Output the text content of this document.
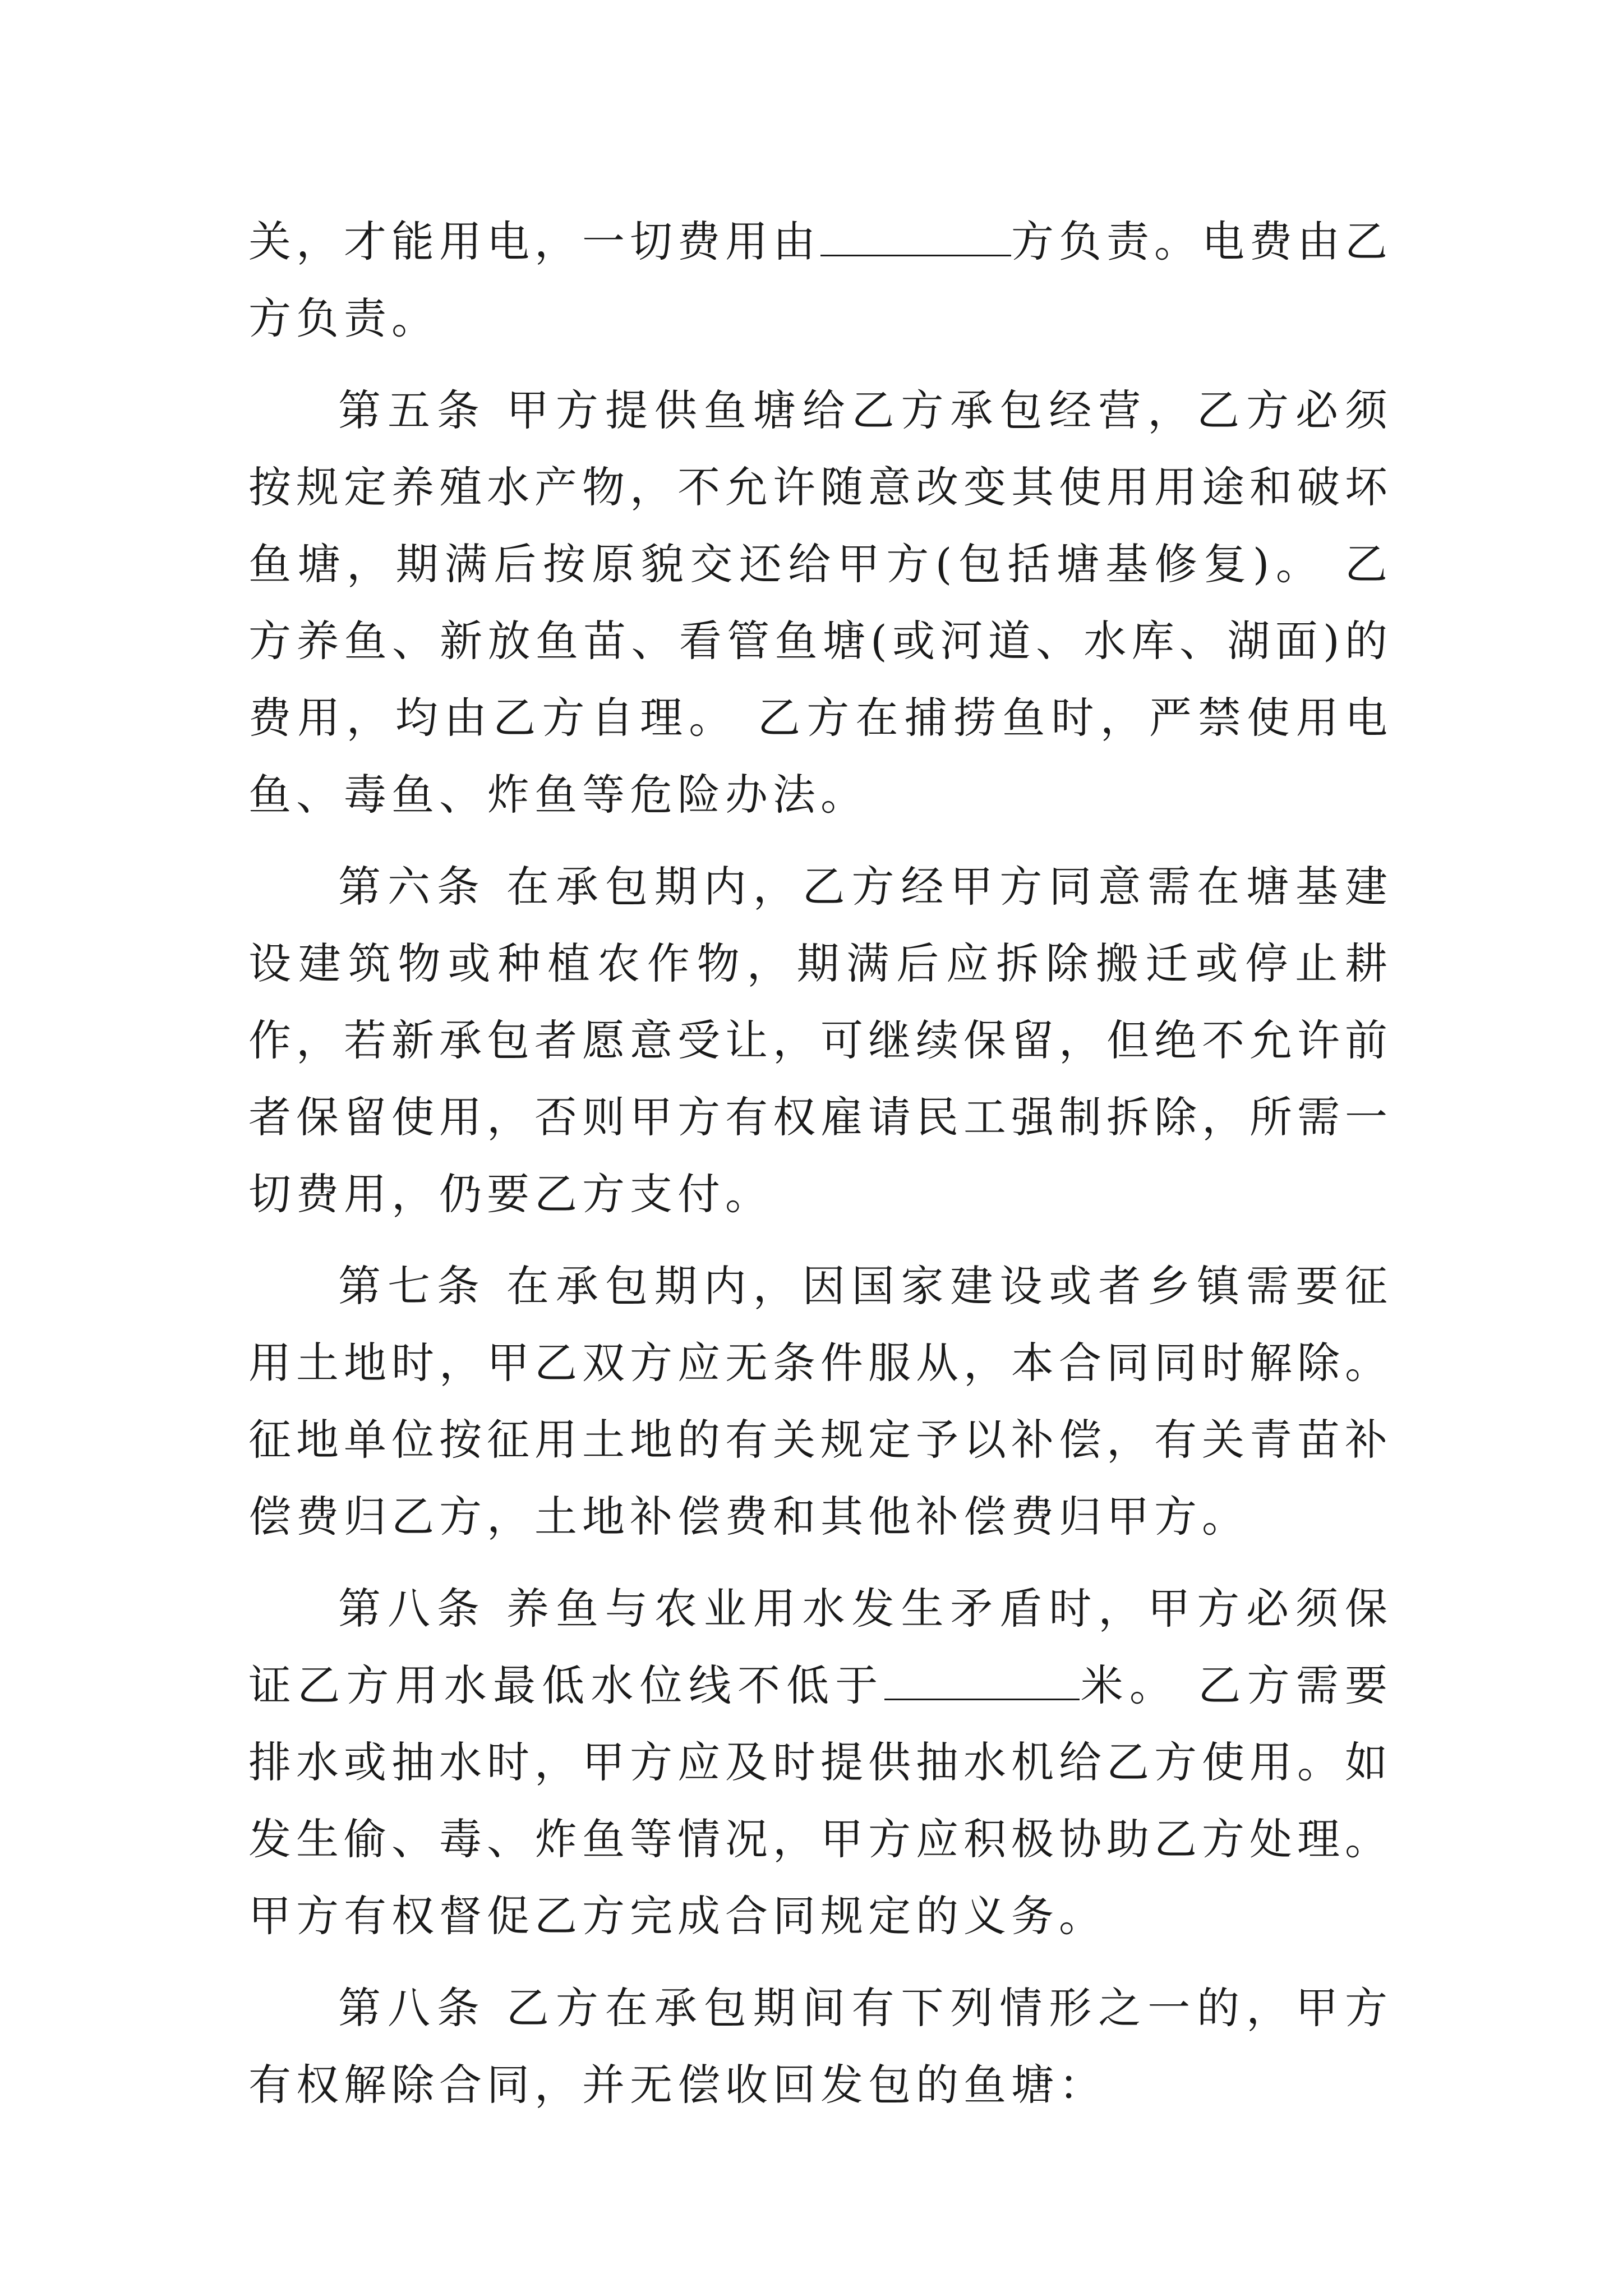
关，才能用电，一切费用由	方负责。电费由乙方负责。

第五条 甲方提供鱼塘给乙方承包经营，乙方必须按规定养殖水产物，不允许随意改变其使用用途和破坏鱼塘，期满后按原貌交还给甲方(包括塘基修复)。 乙方养鱼、新放鱼苗、看管鱼塘(或河道、水库、湖面)的费用，均由乙方自理。 乙方在捕捞鱼时，严禁使用电鱼、毒鱼、炸鱼等危险办法。

第六条 在承包期内，乙方经甲方同意需在塘基建设建筑物或种植农作物，期满后应拆除搬迁或停止耕作，若新承包者愿意受让，可继续保留，但绝不允许前者保留使用，否则甲方有权雇请民工强制拆除，所需一切费用，仍要乙方支付。

第七条 在承包期内，因国家建设或者乡镇需要征用土地时，甲乙双方应无条件服从，本合同同时解除。征地单位按征用土地的有关规定予以补偿，有关青苗补偿费归乙方，土地补偿费和其他补偿费归甲方。

第八条 养鱼与农业用水发生矛盾时，甲方必须保证乙方用水最低水位线不低于	米。 乙方需要排水或抽水时，甲方应及时提供抽水机给乙方使用。如发生偷、毒、炸鱼等情况，甲方应积极协助乙方处理。 甲方有权督促乙方完成合同规定的义务。

第八条 乙方在承包期间有下列情形之一的，甲方有权解除合同，并无偿收回发包的鱼塘：
